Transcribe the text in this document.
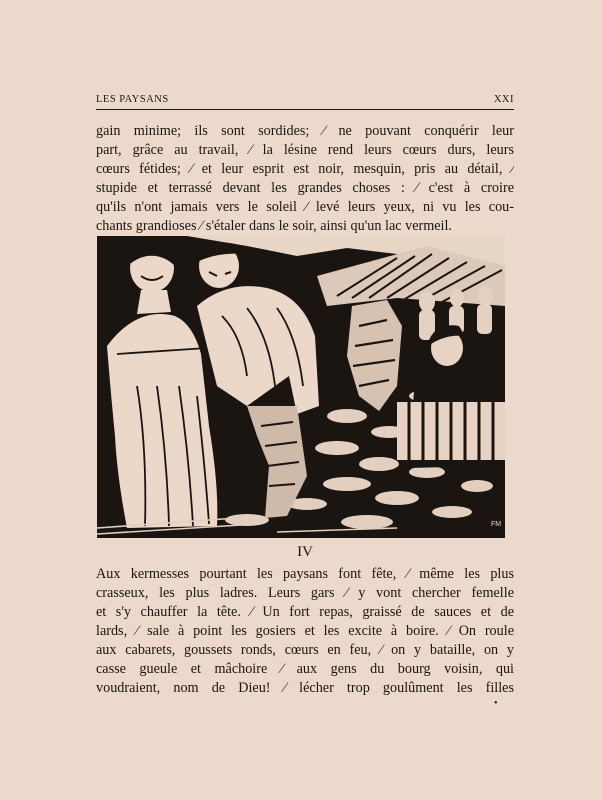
LES PAYSANS	XXI
gain minime; ils sont sordides; ⁄ ne pouvant conquérir leur
part, grâce au travail, ⁄ la lésine rend leurs cœurs durs, leurs
cœurs fétides; ⁄ et leur esprit est noir, mesquin, pris au détail, ⁄
stupide et terrassé devant les grandes choses : ⁄ c'est à croire
qu'ils n'ont jamais vers le soleil ⁄ levé leurs yeux, ni vu les cou-
chants grandioses ⁄ s'étaler dans le soir, ainsi qu'un lac vermeil.
FM
IV
Aux kermesses pourtant les paysans font fête, ⁄ même les plus
crasseux, les plus ladres. Leurs gars ⁄ y vont chercher femelle
et s'y chauffer la tête. ⁄ Un fort repas, graissé de sauces et de
lards, ⁄ sale à point les gosiers et les excite à boire. ⁄ On roule
aux cabarets, goussets ronds, cœurs en feu, ⁄ on y bataille, on y
casse gueule et mâchoire ⁄ aux gens du bourg voisin, qui
voudraient, nom de Dieu! ⁄ lécher trop goulûment les filles
•
